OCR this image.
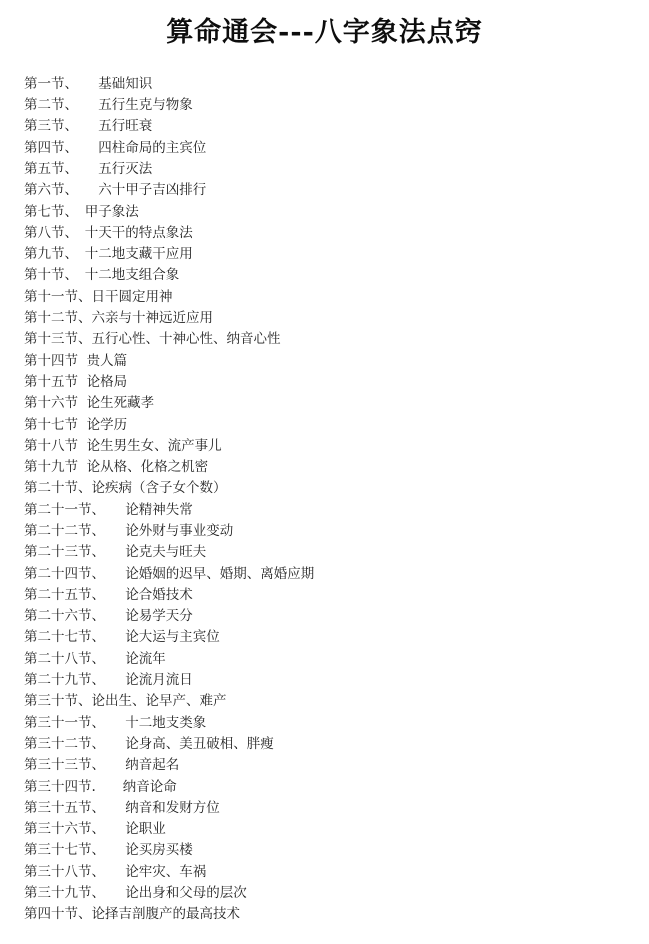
算命通会---八字象法点窍
第一节、　　基础知识
第二节、　　五行生克与物象
第三节、　　五行旺衰
第四节、　　四柱命局的主宾位
第五节、　　五行灭法
第六节、　　六十甲子吉凶排行
第七节、　甲子象法
第八节、　十天干的特点象法
第九节、　十二地支藏干应用
第十节、　十二地支组合象
第十一节、日干圆定用神
第十二节、六亲与十神远近应用
第十三节、五行心性、十神心性、纳音心性
第十四节  贵人篇
第十五节  论格局
第十六节  论生死藏孝
第十七节  论学历
第十八节  论生男生女、流产事儿
第十九节  论从格、化格之机密
第二十节、论疾病（含子女个数）
第二十一节、　　论精神失常
第二十二节、　　论外财与事业变动
第二十三节、　　论克夫与旺夫
第二十四节、　　论婚姻的迟早、婚期、离婚应期
第二十五节、　　论合婚技术
第二十六节、　　论易学天分
第二十七节、　　论大运与主宾位
第二十八节、　　论流年
第二十九节、　　论流月流日
第三十节、论出生、论早产、难产
第三十一节、　　十二地支类象
第三十二节、　　论身高、美丑破相、胖瘦
第三十三节、　　纳音起名
第三十四节.　　纳音论命
第三十五节、　　纳音和发财方位
第三十六节、　　论职业
第三十七节、　　论买房买楼
第三十八节、　　论牢灾、车祸
第三十九节、　　论出身和父母的层次
第四十节、论择吉剖腹产的最高技术
